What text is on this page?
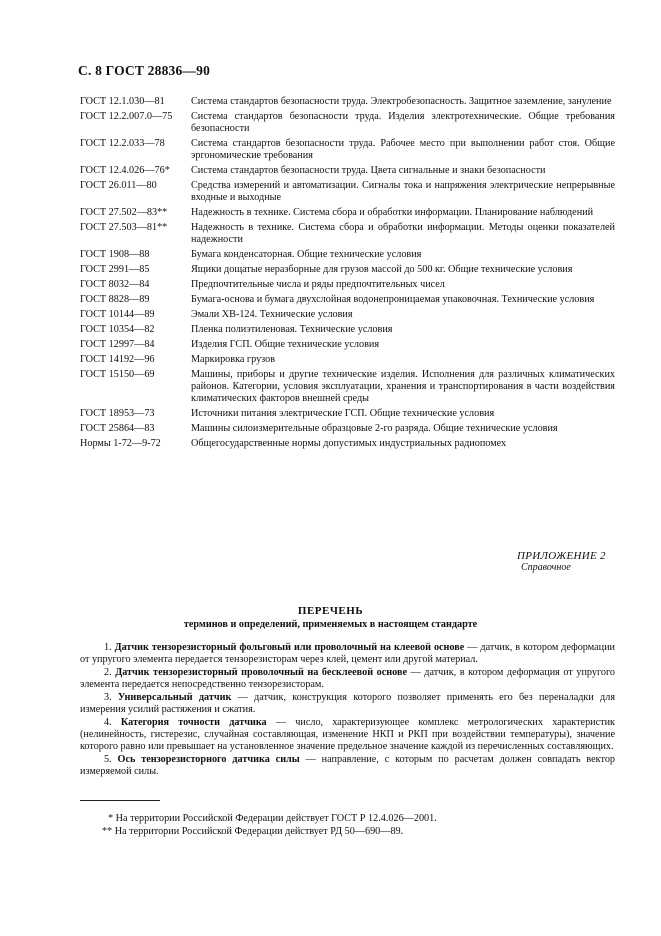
С. 8 ГОСТ 28836—90
ГОСТ 12.1.030—81	Система стандартов безопасности труда. Электробезопасность. Защитное заземление, зануление
ГОСТ 12.2.007.0—75	Система стандартов безопасности труда. Изделия электротехнические. Общие требования безопасности
ГОСТ 12.2.033—78	Система стандартов безопасности труда. Рабочее место при выполнении работ стоя. Общие эргономические требования
ГОСТ 12.4.026—76*	Система стандартов безопасности труда. Цвета сигнальные и знаки безопасности
ГОСТ 26.011—80	Средства измерений и автоматизации. Сигналы тока и напряжения электрические непрерывные входные и выходные
ГОСТ 27.502—83**	Надежность в технике. Система сбора и обработки информации. Планирование наблюдений
ГОСТ 27.503—81**	Надежность в технике. Система сбора и обработки информации. Методы оценки показателей надежности
ГОСТ 1908—88	Бумага конденсаторная. Общие технические условия
ГОСТ 2991—85	Ящики дощатые неразборные для грузов массой до 500 кг. Общие технические условия
ГОСТ 8032—84	Предпочтительные числа и ряды предпочтительных чисел
ГОСТ 8828—89	Бумага-основа и бумага двухслойная водонепроницаемая упаковочная. Технические условия
ГОСТ 10144—89	Эмали ХВ-124. Технические условия
ГОСТ 10354—82	Пленка полиэтиленовая. Технические условия
ГОСТ 12997—84	Изделия ГСП. Общие технические условия
ГОСТ 14192—96	Маркировка грузов
ГОСТ 15150—69	Машины, приборы и другие технические изделия. Исполнения для различных климатических районов. Категории, условия эксплуатации, хранения и транспортирования в части воздействия климатических факторов внешней среды
ГОСТ 18953—73	Источники питания электрические ГСП. Общие технические условия
ГОСТ 25864—83	Машины силоизмерительные образцовые 2-го разряда. Общие технические условия
Нормы 1-72—9-72	Общегосударственные нормы допустимых индустриальных радиопомех
ПРИЛОЖЕНИЕ 2
Справочное
ПЕРЕЧЕНЬ
терминов и определений, применяемых в настоящем стандарте
1. Датчик тензорезисторный фольговый или проволочный на клеевой основе — датчик, в котором деформации от упругого элемента передается тензорезисторам через клей, цемент или другой материал.
2. Датчик тензорезисторный проволочный на бесклеевой основе — датчик, в котором деформация от упругого элемента передается непосредственно тензорезисторам.
3. Универсальный датчик — датчик, конструкция которого позволяет применять его без переналадки для измерения усилий растяжения и сжатия.
4. Категория точности датчика — число, характеризующее комплекс метрологических характеристик (нелинейность, гистерезис, случайная составляющая, изменение НКП и РКП при воздействии температуры), значение которого равно или превышает на установленное значение предельное значение каждой из перечисленных составляющих.
5. Ось тензорезисторного датчика силы — направление, с которым по расчетам должен совпадать вектор измеряемой силы.
* На территории Российской Федерации действует ГОСТ Р 12.4.026—2001.
** На территории Российской Федерации действует РД 50—690—89.
